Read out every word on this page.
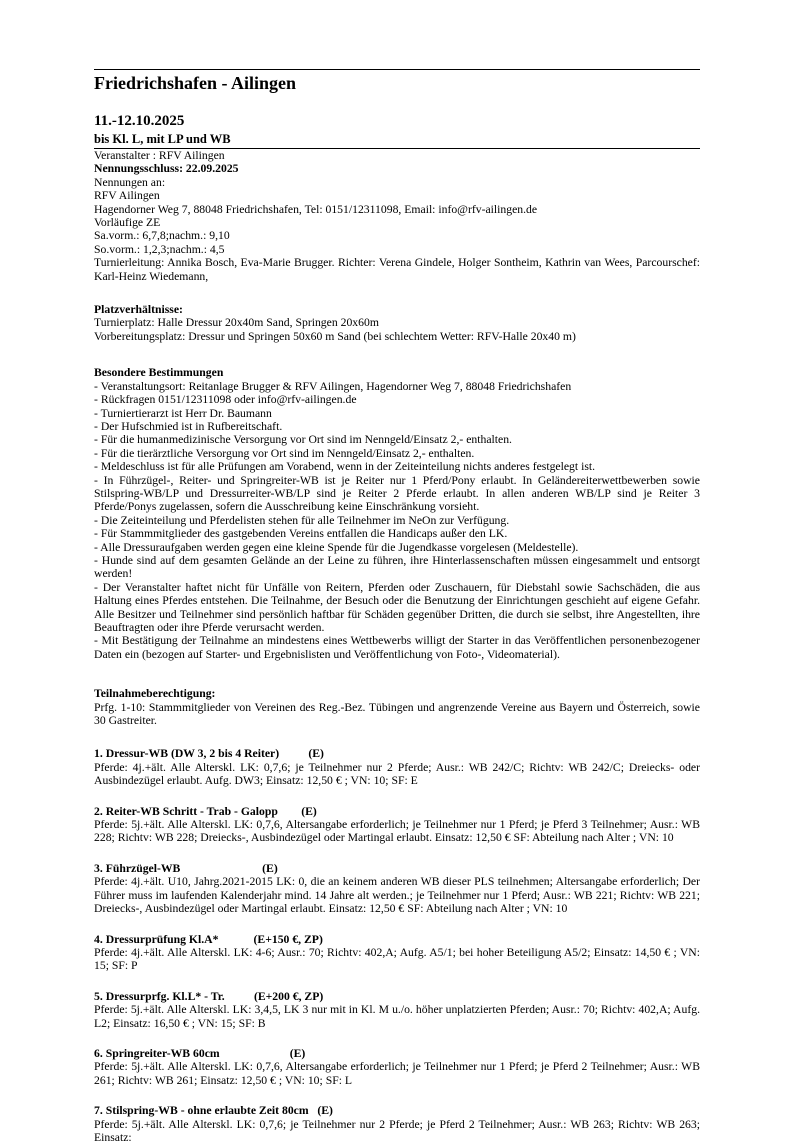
Friedrichshafen - Ailingen
11.-12.10.2025
bis Kl. L, mit LP und WB
Veranstalter : RFV Ailingen
Nennungsschluss: 22.09.2025
Nennungen an:
RFV Ailingen
Hagendorner Weg 7, 88048 Friedrichshafen, Tel: 0151/12311098, Email: info@rfv-ailingen.de
Vorläufige ZE
Sa.vorm.: 6,7,8;nachm.: 9,10
So.vorm.: 1,2,3;nachm.: 4,5
Turnierleitung: Annika Bosch, Eva-Marie Brugger. Richter: Verena Gindele, Holger Sontheim, Kathrin van Wees, Parcourschef: Karl-Heinz Wiedemann,
Platzverhältnisse:
Turnierplatz: Halle Dressur 20x40m Sand, Springen 20x60m
Vorbereitungsplatz: Dressur und Springen 50x60 m Sand (bei schlechtem Wetter: RFV-Halle 20x40 m)
Besondere Bestimmungen
- Veranstaltungsort: Reitanlage Brugger & RFV Ailingen, Hagendorner Weg 7, 88048 Friedrichshafen
- Rückfragen 0151/12311098 oder info@rfv-ailingen.de
- Turniertierarzt ist Herr Dr. Baumann
- Der Hufschmied ist in Rufbereitschaft.
- Für die humanmedizinische Versorgung vor Ort sind im Nenngeld/Einsatz 2,- enthalten.
- Für die tierärztliche Versorgung vor Ort sind im Nenngeld/Einsatz 2,- enthalten.
- Meldeschluss ist für alle Prüfungen am Vorabend, wenn in der Zeiteinteilung nichts anderes festgelegt ist.
- In Führzügel-, Reiter- und Springreiter-WB ist je Reiter nur 1 Pferd/Pony erlaubt. In Geländereiterwettbewerben sowie Stilspring-WB/LP und Dressurreiter-WB/LP sind je Reiter 2 Pferde erlaubt. In allen anderen WB/LP sind je Reiter 3 Pferde/Ponys zugelassen, sofern die Ausschreibung keine Einschränkung vorsieht.
- Die Zeiteinteilung und Pferdelisten stehen für alle Teilnehmer im NeOn zur Verfügung.
- Für Stammmitglieder des gastgebenden Vereins entfallen die Handicaps außer den LK.
- Alle Dressuraufgaben werden gegen eine kleine Spende für die Jugendkasse vorgelesen (Meldestelle).
- Hunde sind auf dem gesamten Gelände an der Leine zu führen, ihre Hinterlassenschaften müssen eingesammelt und entsorgt werden!
- Der Veranstalter haftet nicht für Unfälle von Reitern, Pferden oder Zuschauern, für Diebstahl sowie Sachschäden, die aus Haltung eines Pferdes entstehen. Die Teilnahme, der Besuch oder die Benutzung der Einrichtungen geschieht auf eigene Gefahr. Alle Besitzer und Teilnehmer sind persönlich haftbar für Schäden gegenüber Dritten, die durch sie selbst, ihre Angestellten, ihre Beauftragten oder ihre Pferde verursacht werden.
- Mit Bestätigung der Teilnahme an mindestens eines Wettbewerbs willigt der Starter in das Veröffentlichen personenbezogener Daten ein (bezogen auf Starter- und Ergebnislisten und Veröffentlichung von Foto-, Videomaterial).
Teilnahmeberechtigung:
Prfg. 1-10: Stammmitglieder von Vereinen des Reg.-Bez. Tübingen und angrenzende Vereine aus Bayern und Österreich, sowie 30 Gastreiter.
1. Dressur-WB (DW 3, 2 bis 4 Reiter)          (E)
Pferde: 4j.+ält. Alle Alterskl. LK: 0,7,6; je Teilnehmer nur 2 Pferde; Ausr.: WB 242/C; Richtv: WB 242/C; Dreiecks- oder Ausbindezügel erlaubt. Aufg. DW3; Einsatz: 12,50 € ; VN: 10; SF: E
2. Reiter-WB Schritt - Trab - Galopp        (E)
Pferde: 5j.+ält. Alle Alterskl. LK: 0,7,6, Altersangabe erforderlich; je Teilnehmer nur 1 Pferd; je Pferd 3 Teilnehmer; Ausr.: WB 228; Richtv: WB 228; Dreiecks-, Ausbindezügel oder Martingal erlaubt. Einsatz: 12,50 € SF: Abteilung nach Alter ; VN: 10
3. Führzügel-WB                            (E)
Pferde: 4j.+ält. U10, Jahrg.2021-2015 LK: 0, die an keinem anderen WB dieser PLS teilnehmen; Altersangabe erforderlich; Der Führer muss im laufenden Kalenderjahr mind. 14 Jahre alt werden.; je Teilnehmer nur 1 Pferd; Ausr.: WB 221; Richtv: WB 221; Dreiecks-, Ausbindezügel oder Martingal erlaubt. Einsatz: 12,50 € SF: Abteilung nach Alter ; VN: 10
4. Dressurprüfung Kl.A*            (E+150 €, ZP)
Pferde: 4j.+ält. Alle Alterskl. LK: 4-6; Ausr.: 70; Richtv: 402,A; Aufg. A5/1; bei hoher Beteiligung A5/2; Einsatz: 14,50 € ; VN: 15; SF: P
5. Dressurprfg. Kl.L* - Tr.          (E+200 €, ZP)
Pferde: 5j.+ält. Alle Alterskl. LK: 3,4,5, LK 3 nur mit in Kl. M u./o. höher unplatzierten Pferden; Ausr.: 70; Richtv: 402,A; Aufg. L2; Einsatz: 16,50 € ; VN: 15; SF: B
6. Springreiter-WB 60cm                        (E)
Pferde: 5j.+ält. Alle Alterskl. LK: 0,7,6, Altersangabe erforderlich; je Teilnehmer nur 1 Pferd; je Pferd 2 Teilnehmer; Ausr.: WB 261; Richtv: WB 261; Einsatz: 12,50 € ; VN: 10; SF: L
7. Stilspring-WB - ohne erlaubte Zeit 80cm   (E)
Pferde: 5j.+ält. Alle Alterskl. LK: 0,7,6; je Teilnehmer nur 2 Pferde; je Pferd 2 Teilnehmer; Ausr.: WB 263; Richtv: WB 263; Einsatz:
